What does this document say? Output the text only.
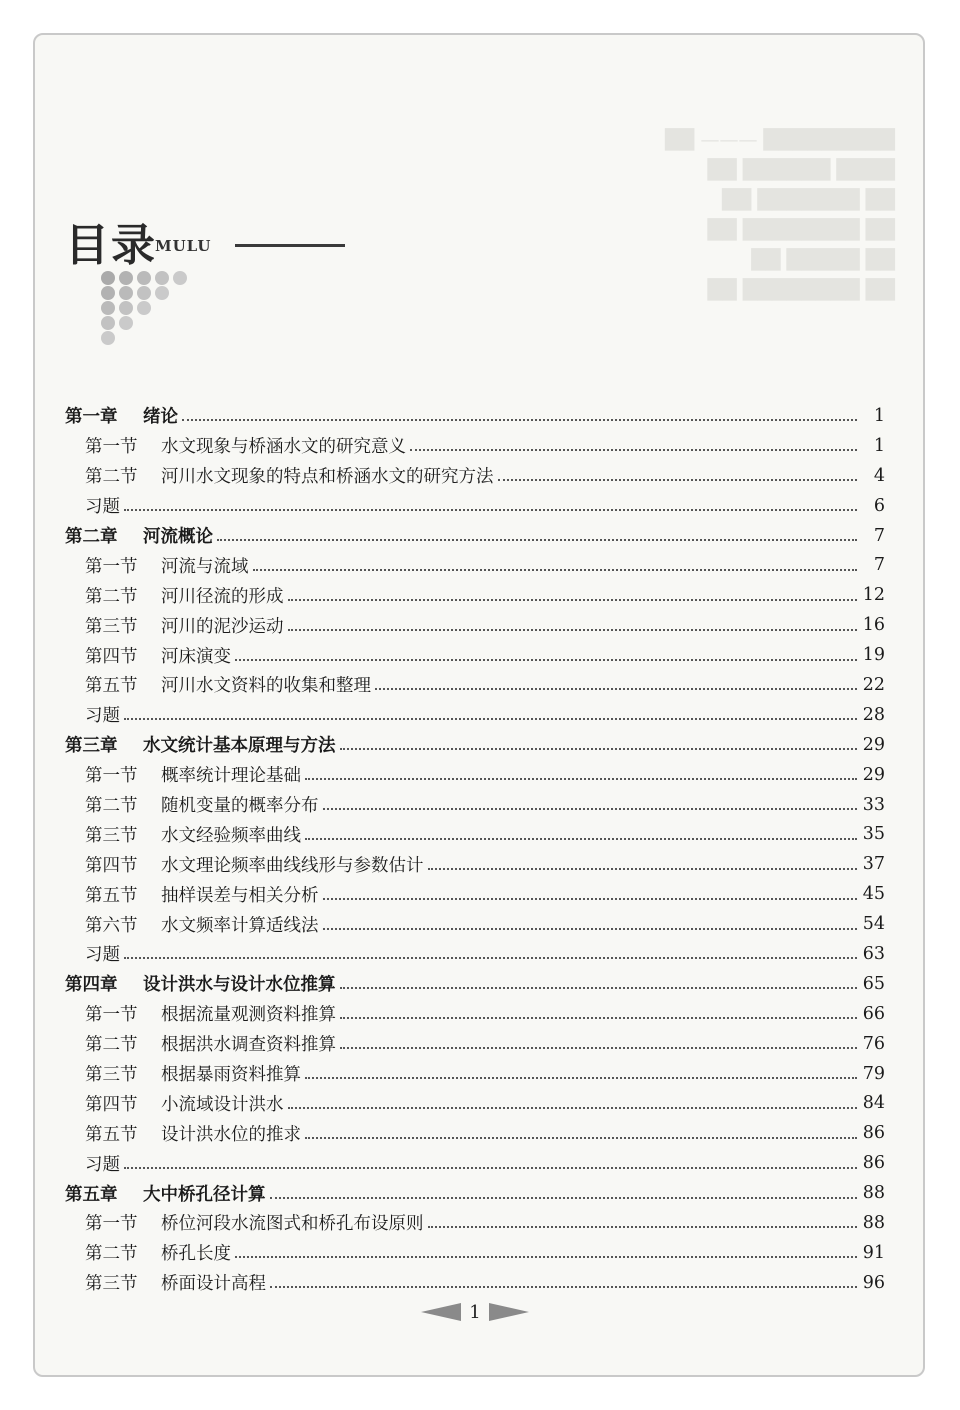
█████████ ——— ██
████ ██████ ██
██ ███████ ██
██ ████████ ██
██ █████ ██
██ ████████ ██
目录
MULU
第一章	绪论	1
第一节	水文现象与桥涵水文的研究意义	1
第二节	河川水文现象的特点和桥涵水文的研究方法	4
习题	6
第二章	河流概论	7
第一节	河流与流域	7
第二节	河川径流的形成	12
第三节	河川的泥沙运动	16
第四节	河床演变	19
第五节	河川水文资料的收集和整理	22
习题	28
第三章	水文统计基本原理与方法	29
第一节	概率统计理论基础	29
第二节	随机变量的概率分布	33
第三节	水文经验频率曲线	35
第四节	水文理论频率曲线线形与参数估计	37
第五节	抽样误差与相关分析	45
第六节	水文频率计算适线法	54
习题	63
第四章	设计洪水与设计水位推算	65
第一节	根据流量观测资料推算	66
第二节	根据洪水调查资料推算	76
第三节	根据暴雨资料推算	79
第四节	小流域设计洪水	84
第五节	设计洪水位的推求	86
习题	86
第五章	大中桥孔径计算	88
第一节	桥位河段水流图式和桥孔布设原则	88
第二节	桥孔长度	91
第三节	桥面设计高程	96
1
